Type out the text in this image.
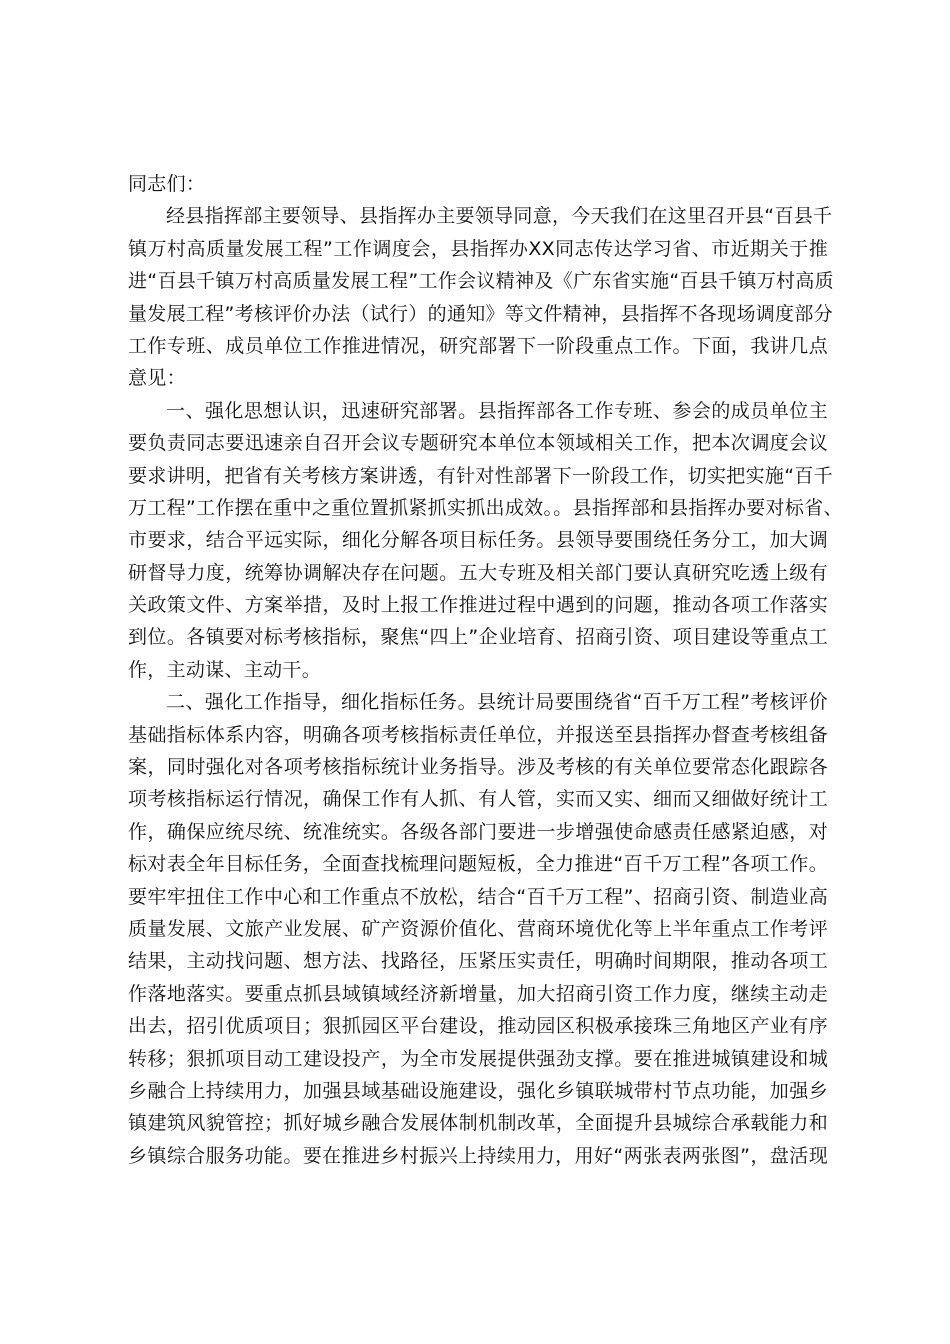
同志们：
经县指挥部主要领导、县指挥办主要领导同意，今天我们在这里召开县“百县千
镇万村高质量发展工程”工作调度会，县指挥办XX同志传达学习省、市近期关于推
进“百县千镇万村高质量发展工程”工作会议精神及《广东省实施“百县千镇万村高质
量发展工程”考核评价办法（试行）的通知》等文件精神，县指挥不各现场调度部分
工作专班、成员单位工作推进情况，研究部署下一阶段重点工作。下面，我讲几点
意见：
一、强化思想认识，迅速研究部署。县指挥部各工作专班、参会的成员单位主
要负责同志要迅速亲自召开会议专题研究本单位本领域相关工作，把本次调度会议
要求讲明，把省有关考核方案讲透，有针对性部署下一阶段工作，切实把实施“百千
万工程”工作摆在重中之重位置抓紧抓实抓出成效。。县指挥部和县指挥办要对标省、
市要求，结合平远实际，细化分解各项目标任务。县领导要围绕任务分工，加大调
研督导力度，统筹协调解决存在问题。五大专班及相关部门要认真研究吃透上级有
关政策文件、方案举措，及时上报工作推进过程中遇到的问题，推动各项工作落实
到位。各镇要对标考核指标，聚焦“四上”企业培育、招商引资、项目建设等重点工
作，主动谋、主动干。
二、强化工作指导，细化指标任务。县统计局要围绕省“百千万工程”考核评价
基础指标体系内容，明确各项考核指标责任单位，并报送至县指挥办督查考核组备
案，同时强化对各项考核指标统计业务指导。涉及考核的有关单位要常态化跟踪各
项考核指标运行情况，确保工作有人抓、有人管，实而又实、细而又细做好统计工
作，确保应统尽统、统准统实。各级各部门要进一步增强使命感责任感紧迫感，对
标对表全年目标任务，全面查找梳理问题短板，全力推进“百千万工程”各项工作。
要牢牢扭住工作中心和工作重点不放松，结合“百千万工程”、招商引资、制造业高
质量发展、文旅产业发展、矿产资源价值化、营商环境优化等上半年重点工作考评
结果，主动找问题、想方法、找路径，压紧压实责任，明确时间期限，推动各项工
作落地落实。要重点抓县域镇域经济新增量，加大招商引资工作力度，继续主动走
出去，招引优质项目；狠抓园区平台建设，推动园区积极承接珠三角地区产业有序
转移；狠抓项目动工建设投产，为全市发展提供强劲支撑。要在推进城镇建设和城
乡融合上持续用力，加强县域基础设施建设，强化乡镇联城带村节点功能，加强乡
镇建筑风貌管控；抓好城乡融合发展体制机制改革，全面提升县城综合承载能力和
乡镇综合服务功能。要在推进乡村振兴上持续用力，用好“两张表两张图”，盘活现
